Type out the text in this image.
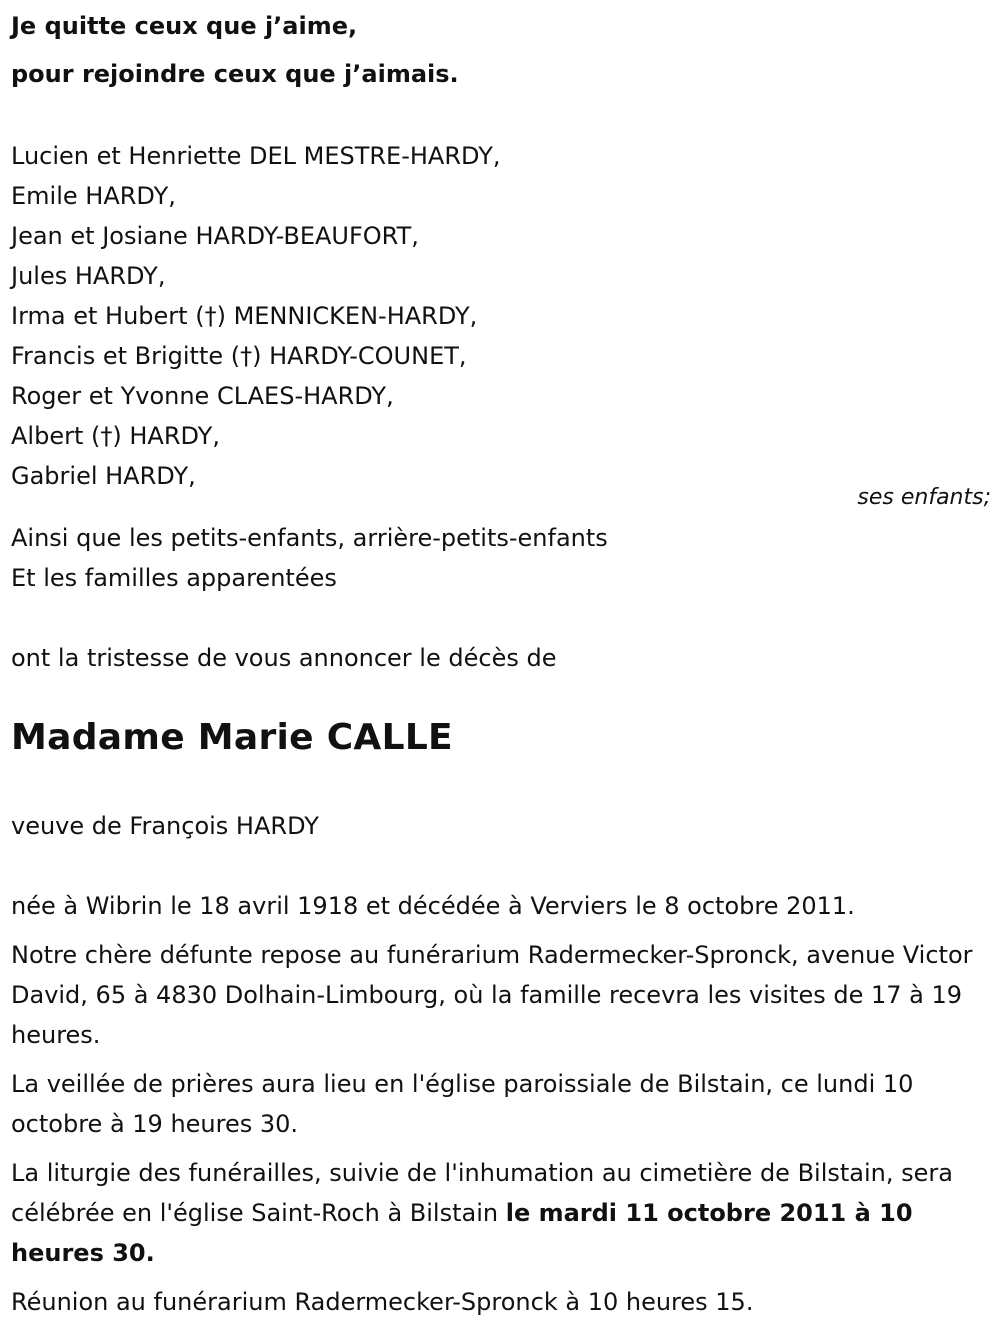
Je quitte ceux que j’aime,

pour rejoindre ceux que j’aimais.

Lucien et Henriette DEL MESTRE-HARDY,
Emile HARDY,
Jean et Josiane HARDY-BEAUFORT,
Jules HARDY,
Irma et Hubert (†) MENNICKEN-HARDY,
Francis et Brigitte (†) HARDY-COUNET,
Roger et Yvonne CLAES-HARDY,
Albert (†) HARDY,
Gabriel HARDY,
ses enfants;
Ainsi que les petits-enfants, arrière-petits-enfants
Et les familles apparentées
ont la tristesse de vous annoncer le décès de
Madame Marie CALLE
veuve de François HARDY

née à Wibrin le 18 avril 1918 et décédée à Verviers le 8 octobre 2011.

Notre chère défunte repose au funérarium Radermecker-Spronck, avenue Victor David, 65 à 4830 Dolhain-Limbourg, où la famille recevra les visites de 17 à 19 heures.

La veillée de prières aura lieu en l'église paroissiale de Bilstain, ce lundi 10 octobre à 19 heures 30.

La liturgie des funérailles, suivie de l'inhumation au cimetière de Bilstain, sera célébrée en l'église Saint-Roch à Bilstain le mardi 11 octobre 2011 à 10 heures 30.

Réunion au funérarium Radermecker-Spronck à 10 heures 15.
